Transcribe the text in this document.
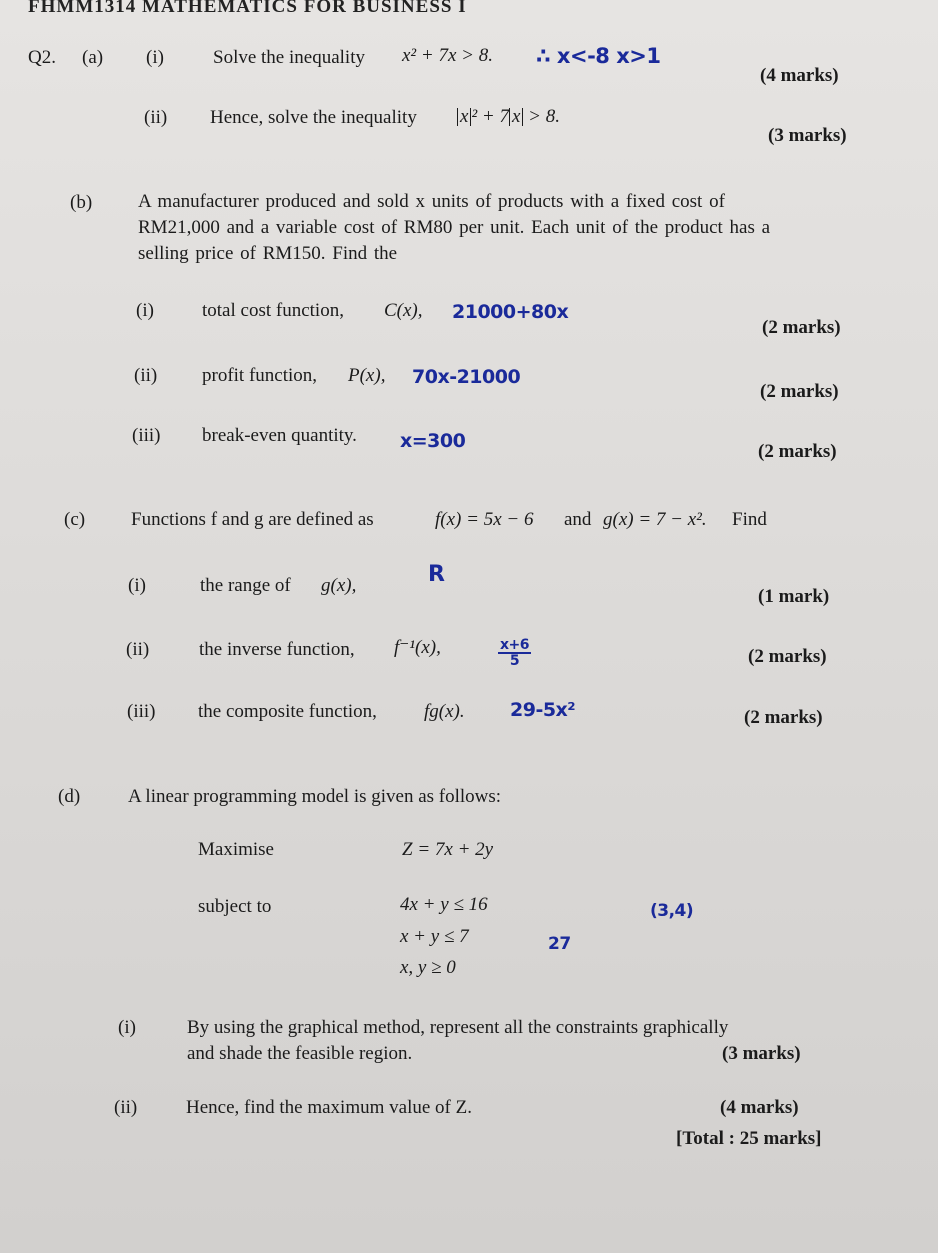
FHMM1314 MATHEMATICS FOR BUSINESS I
Q2. (a) (i)	Solve the inequality x² + 7x > 8. ∴ x<-8 x>1
(4 marks)
(ii) Hence, solve the inequality x ² + 7 x > 8.
(3 marks)
(b) A manufacturer produced and sold x units of products with a fixed cost of
RM21,000 and a variable cost of RM80 per unit. Each unit of the product has a
selling price of RM150. Find the
(i)	total cost function, C(x), 21000+80x
(2 marks)
(ii) profit function, P(x), 70x-21000
(2 marks)
(iii) break-even quantity. x=300	(2 marks)
(c) Functions f and g are defined as	f(x) = 5x − 6 and g(x) = 7 − x². Find
(i)	the range of g(x),	R
(1 mark)
(ii)	the inverse function, f⁻¹(x),	$\frac{x+6}{5}$	(2 marks)
(iii) the composite function, fg(x). 29-5x²	(2 marks)
(d)	A linear programming model is given as follows:
Maximise	Z = 7x + 2y
subject to	4x + y ≤ 16
x + y ≤ 7
x, y ≥ 0
(3,4)
27
(i)	By using the graphical method, represent all the constraints graphically
and shade the feasible region.	(3 marks)
(ii)	Hence, find the maximum value of Z.	(4 marks)
[Total : 25 marks]
